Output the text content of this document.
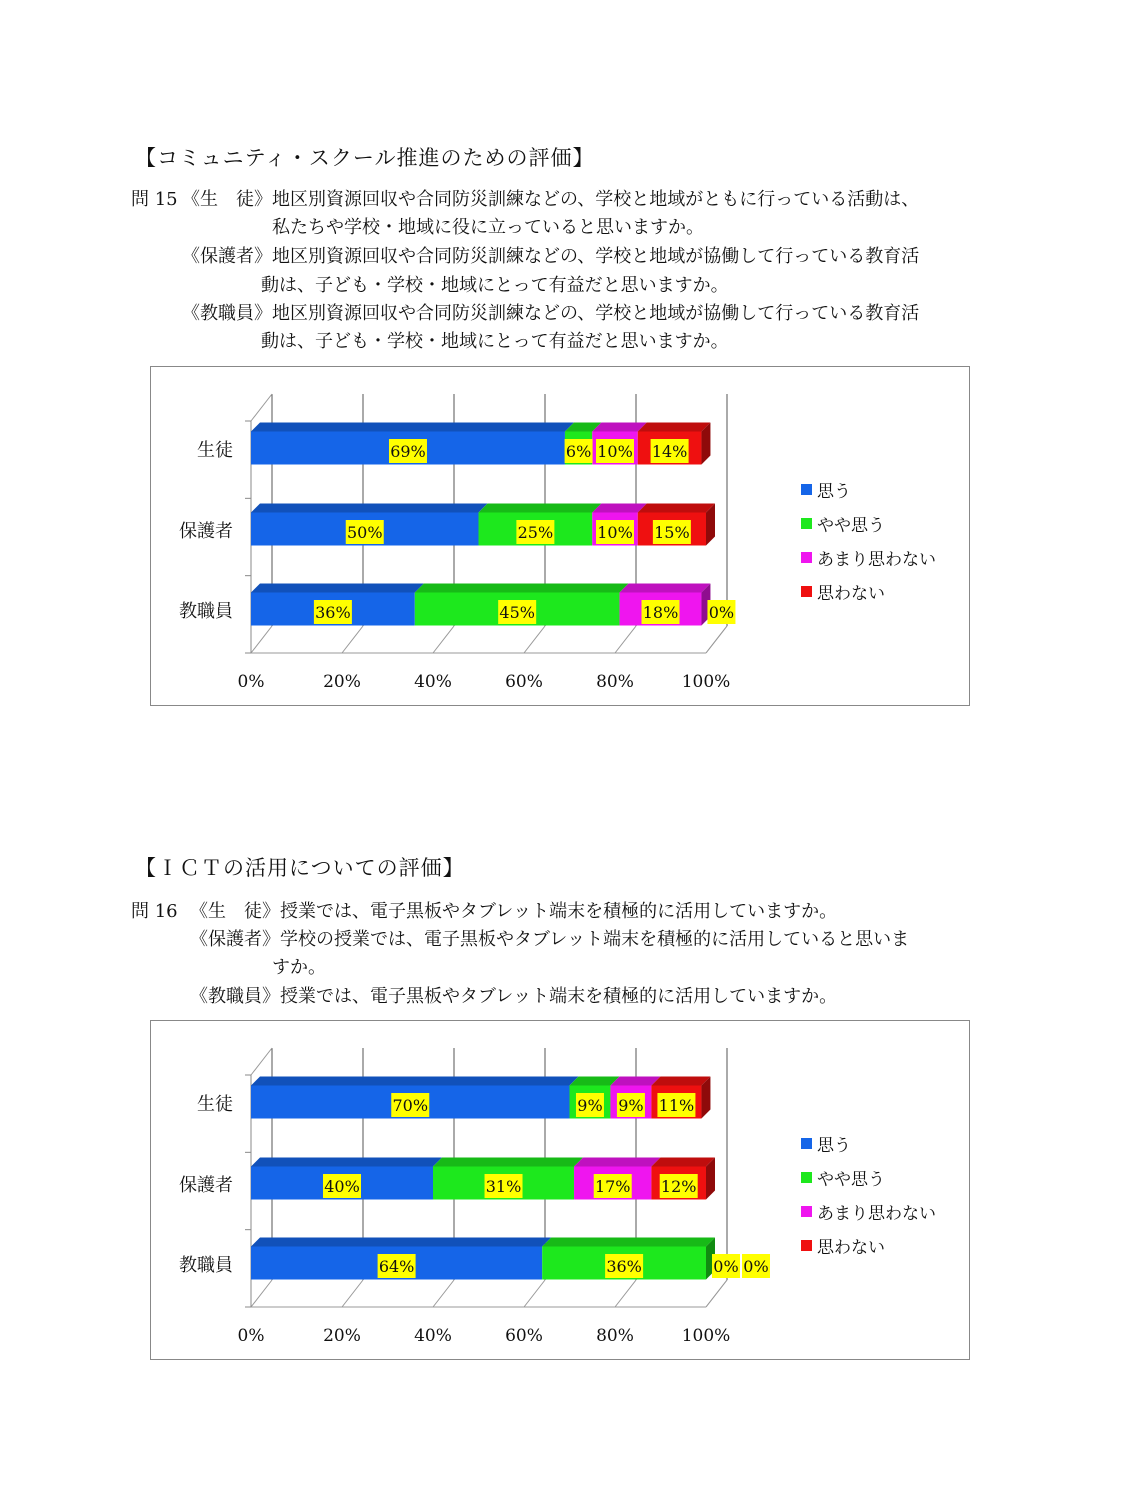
【コミュニティ・スクール推進のための評価】
問 15 《生　徒》地区別資源回収や合同防災訓練などの、学校と地域がともに行っている活動は、
私たちや学校・地域に役に立っていると思いますか。
《保護者》地区別資源回収や合同防災訓練などの、学校と地域が協働して行っている教育活
動は、子ども・学校・地域にとって有益だと思いますか。
《教職員》地区別資源回収や合同防災訓練などの、学校と地域が協働して行っている教育活
動は、子ども・学校・地域にとって有益だと思いますか。
0%	20%	40%	60%	80%	100%
生徒	69%	6% 10% 14%
保護者	50%	25%	10% 15%
教職員	36%	45%	18% 0%
思う
やや思う
あまり思わない
思わない
【ＩＣＴの活用についての評価】
問 16 《生　徒》授業では、電子黒板やタブレット端末を積極的に活用していますか。
《保護者》学校の授業では、電子黒板やタブレット端末を積極的に活用していると思いま
すか。
《教職員》授業では、電子黒板やタブレット端末を積極的に活用していますか。
0%	20%	40%	60%	80%	100%
生徒	70%	9% 9% 11%
保護者	40%	31%	17% 12%
教職員	64%	36%	0% 0%
思う
やや思う
あまり思わない
思わない
